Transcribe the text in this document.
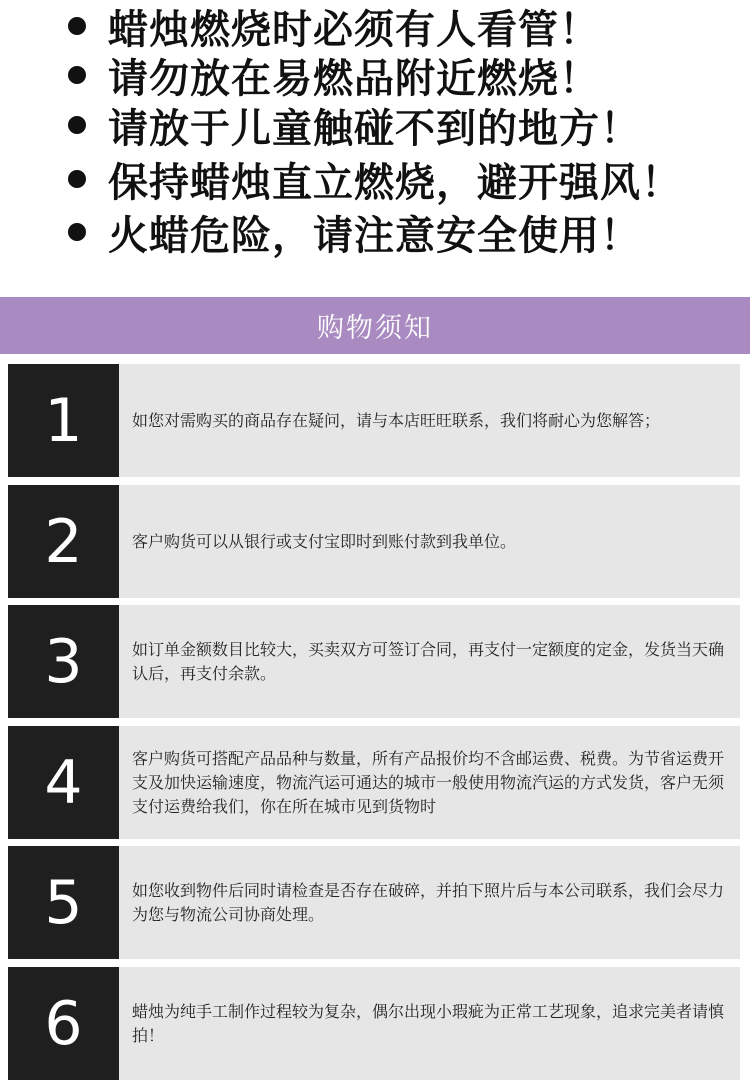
蜡烛燃烧时必须有人看管！
请勿放在易燃品附近燃烧！
请放于儿童触碰不到的地方！
保持蜡烛直立燃烧，避开强风！
火蜡危险，请注意安全使用！
购物须知
1	如您对需购买的商品存在疑问，请与本店旺旺联系，我们将耐心为您解答；
2	客户购货可以从银行或支付宝即时到账付款到我单位。
3	如订单金额数目比较大，买卖双方可签订合同，再支付一定额度的定金，发货当天确认后，再支付余款。
4	客户购货可搭配产品品种与数量，所有产品报价均不含邮运费、税费。为节省运费开支及加快运输速度，物流汽运可通达的城市一般使用物流汽运的方式发货，客户无须支付运费给我们，你在所在城市见到货物时
5	如您收到物件后同时请检查是否存在破碎，并拍下照片后与本公司联系，我们会尽力为您与物流公司协商处理。
6	蜡烛为纯手工制作过程较为复杂，偶尔出现小瑕疵为正常工艺现象，追求完美者请慎拍！
